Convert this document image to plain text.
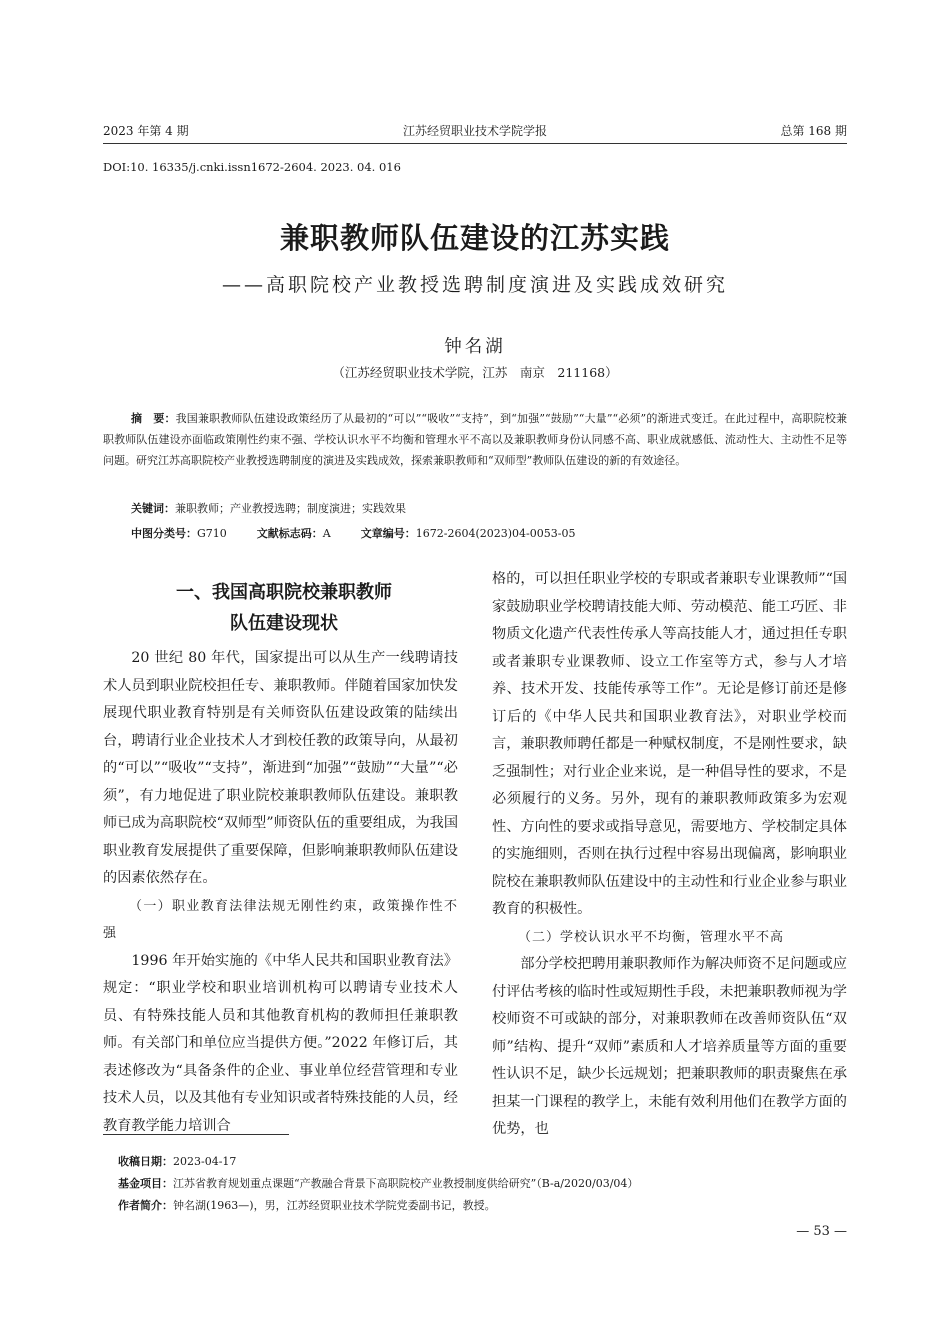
2023 年第 4 期	江苏经贸职业技术学院学报	总第 168 期
DOI:10. 16335/j.cnki.issn1672-2604. 2023. 04. 016
兼职教师队伍建设的江苏实践
——高职院校产业教授选聘制度演进及实践成效研究
钟名湖
（江苏经贸职业技术学院，江苏　南京　211168）
摘　要：我国兼职教师队伍建设政策经历了从最初的“可以”“吸收”“支持”，到“加强”“鼓励”“大量”“必须”的渐进式变迁。在此过程中，高职院校兼职教师队伍建设亦面临政策刚性约束不强、学校认识水平不均衡和管理水平不高以及兼职教师身份认同感不高、职业成就感低、流动性大、主动性不足等问题。研究江苏高职院校产业教授选聘制度的演进及实践成效，探索兼职教师和“双师型”教师队伍建设的新的有效途径。
关键词：兼职教师；产业教授选聘；制度演进；实践效果
中图分类号：G710	文献标志码：A	文章编号：1672-2604(2023)04-0053-05
一、我国高职院校兼职教师
队伍建设现状

20 世纪 80 年代，国家提出可以从生产一线聘请技术人员到职业院校担任专、兼职教师。伴随着国家加快发展现代职业教育特别是有关师资队伍建设政策的陆续出台，聘请行业企业技术人才到校任教的政策导向，从最初的“可以”“吸收”“支持”，渐进到“加强”“鼓励”“大量”“必须”，有力地促进了职业院校兼职教师队伍建设。兼职教师已成为高职院校“双师型”师资队伍的重要组成，为我国职业教育发展提供了重要保障，但影响兼职教师队伍建设的因素依然存在。

（一）职业教育法律法规无刚性约束，政策操作性不强

1996 年开始实施的《中华人民共和国职业教育法》规定：“职业学校和职业培训机构可以聘请专业技术人员、有特殊技能人员和其他教育机构的教师担任兼职教师。有关部门和单位应当提供方便。”2022 年修订后，其表述修改为“具备条件的企业、事业单位经营管理和专业技术人员，以及其他有专业知识或者特殊技能的人员，经教育教学能力培训合

格的，可以担任职业学校的专职或者兼职专业课教师”“国家鼓励职业学校聘请技能大师、劳动模范、能工巧匠、非物质文化遗产代表性传承人等高技能人才，通过担任专职或者兼职专业课教师、设立工作室等方式，参与人才培养、技术开发、技能传承等工作”。无论是修订前还是修订后的《中华人民共和国职业教育法》，对职业学校而言，兼职教师聘任都是一种赋权制度，不是刚性要求，缺乏强制性；对行业企业来说，是一种倡导性的要求，不是必须履行的义务。另外，现有的兼职教师政策多为宏观性、方向性的要求或指导意见，需要地方、学校制定具体的实施细则，否则在执行过程中容易出现偏离，影响职业院校在兼职教师队伍建设中的主动性和行业企业参与职业教育的积极性。

（二）学校认识水平不均衡，管理水平不高

部分学校把聘用兼职教师作为解决师资不足问题或应付评估考核的临时性或短期性手段，未把兼职教师视为学校师资不可或缺的部分，对兼职教师在改善师资队伍“双师”结构、提升“双师”素质和人才培养质量等方面的重要性认识不足，缺少长远规划；把兼职教师的职责聚焦在承担某一门课程的教学上，未能有效利用他们在教学方面的优势，也

收稿日期：2023-04-17
基金项目：江苏省教育规划重点课题“产教融合背景下高职院校产业教授制度供给研究”（B-a/2020/03/04）
作者简介：钟名湖(1963—)，男，江苏经贸职业技术学院党委副书记，教授。
— 53 —
